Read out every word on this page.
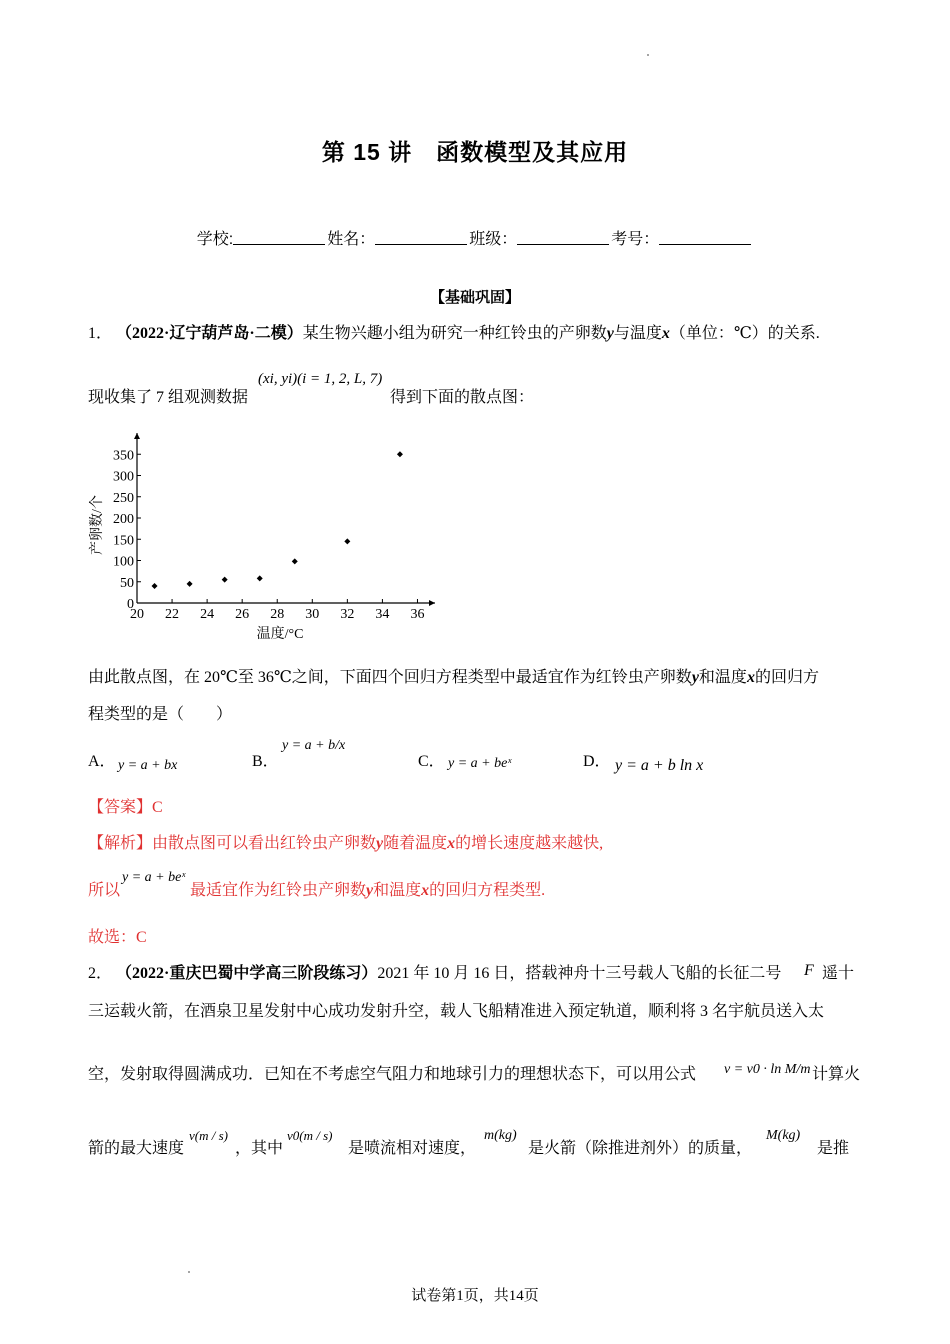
第 15 讲　函数模型及其应用
学校:	姓名：	班级：	考号：
【基础巩固】
1． （2022·辽宁葫芦岛·二模）某生物兴趣小组为研究一种红铃虫的产卵数y与温度x（单位：℃）的关系.
现收集了 7 组观测数据
(xi, yi)(i = 1, 2, L, 7)
得到下面的散点图：
0
50
100
150
200
250
300
350
20 22 24 26 28 30 32 34 36
产卵数/个
温度/°C
由此散点图，在 20℃至 36℃之间，下面四个回归方程类型中最适宜作为红铃虫产卵数y和温度x的回归方
程类型的是（　　）
A． y = a + bx	B．
y = a + b/x
C． y = a + beˣ	D． y = a + b ln x
【答案】C
【解析】由散点图可以看出红铃虫产卵数y随着温度x的增长速度越来越快,
所以
y = a + beˣ
最适宜作为红铃虫产卵数y和温度x的回归方程类型.
故选：C
2． （2022·重庆巴蜀中学高三阶段练习）2021 年 10 月 16 日，搭载神舟十三号载人飞船的长征二号 F 遥十
三运载火箭，在酒泉卫星发射中心成功发射升空，载人飞船精准进入预定轨道，顺利将 3 名宇航员送入太
空，发射取得圆满成功．已知在不考虑空气阻力和地球引力的理想状态下，可以用公式 v = v0 · ln M/m 计算火
箭的最大速度
v(m / s)
，其中
v0(m / s)
是喷流相对速度，
m(kg)
是火箭（除推进剂外）的质量，
M(kg)
是推
试卷第1页，共14页
